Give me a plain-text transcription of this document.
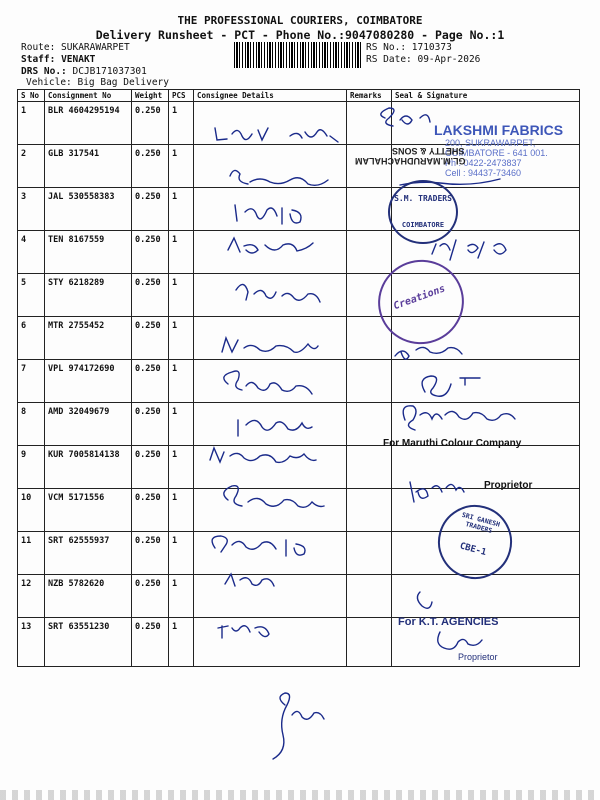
THE PROFESSIONAL COURIERS, COIMBATORE
Delivery Runsheet - PCT - Phone No.:9047080280 - Page No.:1
Route: SUKARAWARPET
Staff: VENAKT
DRS No.: DCJB171037301
Vehicle: Big Bag Delivery
RS No.: 1710373
RS Date: 09-Apr-2026
S No	Consignment No	Weight	PCS	Consignee Details	Remarks	Seal & Signature
1	BLR 4604295194	0.250	1			
2	GLB 317541	0.250	1			
3	JAL 530558383	0.250	1			
4	TEN 8167559	0.250	1			
5	STY 6218289	0.250	1			
6	MTR 2755452	0.250	1			
7	VPL 974172690	0.250	1			
8	AMD 32049679	0.250	1			
9	KUR 7005814138	0.250	1			
10	VCM 5171556	0.250	1			
11	SRT 62555937	0.250	1			
12	NZB 5782620	0.250	1			
13	SRT 63551230	0.250	1			
LAKSHMI FABRICS
200, SUKRAWARPET,
COIMBATORE - 641 001.
Ph : 0422-2473837
Cell : 94437-73460
GL.M.MARUDHACHALAM
SHETTY & SONS
S.M. TRADERS
COIMBATORE
Creations
For Maruthi Colour Company
Proprietor
SRI GANESH TRADERS
CBE-1
For K.T. AGENCIES
Proprietor
